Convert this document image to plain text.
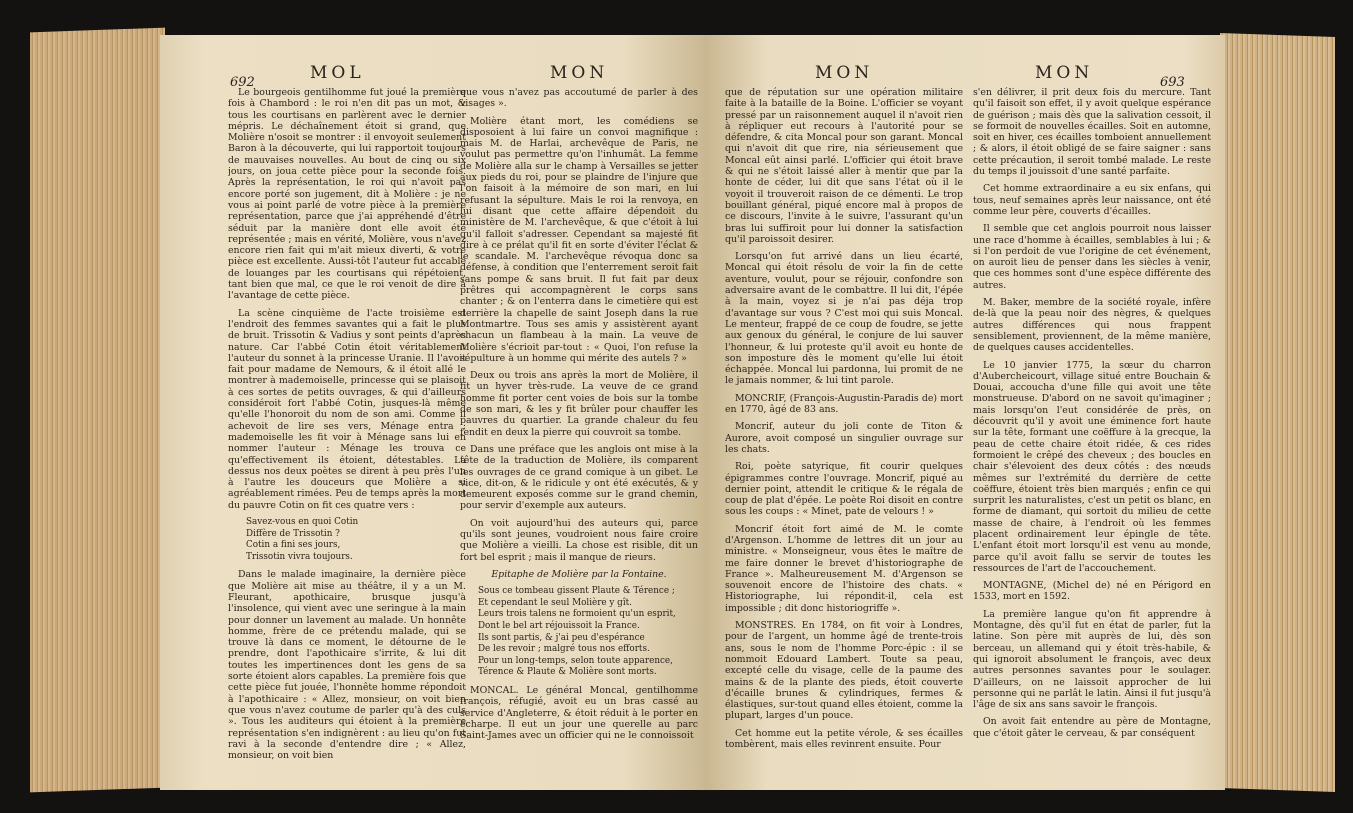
692	MOL	MON

Le bourgeois gentilhomme fut joué la première fois à Chambord : le roi n'en dit pas un mot, & tous les courtisans en parlèrent avec le dernier mépris. Le déchaînement étoit si grand, que Molière n'osoit se montrer : il envoyoit seulement Baron à la découverte, qui lui rapportoit toujours de mauvaises nouvelles. Au bout de cinq ou six jours, on joua cette pièce pour la seconde fois. Après la représentation, le roi qui n'avoit pas encore porté son jugement, dit à Molière : je ne vous ai point parlé de votre pièce à la première représentation, parce que j'ai appréhendé d'être séduit par la manière dont elle avoit été représentée ; mais en vérité, Molière, vous n'avez encore rien fait qui m'ait mieux diverti, & votre pièce est excellente. Aussi-tôt l'auteur fut accablé de louanges par les courtisans qui répétoient, tant bien que mal, ce que le roi venoit de dire à l'avantage de cette pièce.

La scène cinquième de l'acte troisième est l'endroit des femmes savantes qui a fait le plus de bruit. Trissotin & Vadius y sont peints d'après nature. Car l'abbé Cotin étoit véritablement l'auteur du sonnet à la princesse Uranie. Il l'avoit fait pour madame de Nemours, & il étoit allé le montrer à mademoiselle, princesse qui se plaisoit à ces sortes de petits ouvrages, & qui d'ailleurs considéroit fort l'abbé Cotin, jusques-là même qu'elle l'honoroit du nom de son ami. Comme il achevoit de lire ses vers, Ménage entra ; mademoiselle les fit voir à Ménage sans lui en nommer l'auteur : Ménage les trouva ce qu'effectivement ils étoient, détestables. Là dessus nos deux poètes se dirent à peu près l'un à l'autre les douceurs que Molière a si agréablement rimées. Peu de temps après la mort du pauvre Cotin on fit ces quatre vers :

Savez-vous en quoi Cotin
Diffère de Trissotin ?
Cotin a fini ses jours,
Trissotin vivra toujours.

Dans le malade imaginaire, la dernière pièce que Molière ait mise au théâtre, il y a un M. Fleurant, apothicaire, brusque jusqu'à l'insolence, qui vient avec une seringue à la main pour donner un lavement au malade. Un honnête homme, frère de ce prétendu malade, qui se trouve là dans ce moment, le détourne de le prendre, dont l'apothicaire s'irrite, & lui dit toutes les impertinences dont les gens de sa sorte étoient alors capables. La première fois que cette pièce fut jouée, l'honnête homme répondoit à l'apothicaire : « Allez, monsieur, on voit bien que vous n'avez coutume de parler qu'à des culs ». Tous les auditeurs qui étoient à la première représentation s'en indignèrent : au lieu qu'on fut ravi à la seconde d'entendre dire ; « Allez, monsieur, on voit bien

que vous n'avez pas accoutumé de parler à des visages ».

Molière étant mort, les comédiens se disposoient à lui faire un convoi magnifique : mais M. de Harlai, archevêque de Paris, ne voulut pas permettre qu'on l'inhumât. La femme de Molière alla sur le champ à Versailles se jetter aux pieds du roi, pour se plaindre de l'injure que l'on faisoit à la mémoire de son mari, en lui refusant la sépulture. Mais le roi la renvoya, en lui disant que cette affaire dépendoit du ministère de M. l'archevêque, & que c'étoit à lui qu'il falloit s'adresser. Cependant sa majesté fit dire à ce prélat qu'il fit en sorte d'éviter l'éclat & le scandale. M. l'archevêque révoqua donc sa défense, à condition que l'enterrement seroit fait sans pompe & sans bruit. Il fut fait par deux prêtres qui accompagnèrent le corps sans chanter ; & on l'enterra dans le cimetière qui est derrière la chapelle de saint Joseph dans la rue Montmartre. Tous ses amis y assistèrent ayant chacun un flambeau à la main. La veuve de Molière s'écrioit par-tout : « Quoi, l'on refuse la sépulture à un homme qui mérite des autels ? »

Deux ou trois ans après la mort de Molière, il fit un hyver très-rude. La veuve de ce grand homme fit porter cent voies de bois sur la tombe de son mari, & les y fit brûler pour chauffer les pauvres du quartier. La grande chaleur du feu fendit en deux la pierre qui couvroit sa tombe.

Dans une préface que les anglois ont mise à la tête de la traduction de Molière, ils comparent les ouvrages de ce grand comique à un gibet. Le vice, dit-on, & le ridicule y ont été exécutés, & y demeurent exposés comme sur le grand chemin, pour servir d'exemple aux auteurs.

On voit aujourd'hui des auteurs qui, parce qu'ils sont jeunes, voudroient nous faire croire que Molière a vieilli. La chose est risible, dit un fort bel esprit ; mais il manque de rieurs.

Epitaphe de Molière par la Fontaine.

Sous ce tombeau gissent Plaute & Térence ;
Et cependant le seul Molière y gît.
Leurs trois talens ne formoient qu'un esprit,
Dont le bel art réjouissoit la France.
Ils sont partis, & j'ai peu d'espérance
De les revoir ; malgré tous nos efforts.
Pour un long-temps, selon toute apparence,
Térence & Plaute & Molière sont morts.

MONCAL. Le général Moncal, gentilhomme françois, réfugié, avoit eu un bras cassé au service d'Angleterre, & étoit réduit à le porter en écharpe. Il eut un jour une querelle au parc Saint-James avec un officier qui ne le connoissoit

MON	MON	693

que de réputation sur une opération militaire faite à la bataille de la Boine. L'officier se voyant pressé par un raisonnement auquel il n'avoit rien à répliquer eut recours à l'autorité pour se défendre, & cita Moncal pour son garant. Moncal qui n'avoit dit que rire, nia sérieusement que Moncal eût ainsi parlé. L'officier qui étoit brave & qui ne s'étoit laissé aller à mentir que par la honte de céder, lui dit que sans l'état où il le voyoit il trouveroit raison de ce démenti. Le trop bouillant général, piqué encore mal à propos de ce discours, l'invite à le suivre, l'assurant qu'un bras lui suffiroit pour lui donner la satisfaction qu'il paroissoit desirer.

Lorsqu'on fut arrivé dans un lieu écarté, Moncal qui étoit résolu de voir la fin de cette aventure, voulut, pour se réjouir, confondre son adversaire avant de le combattre. Il lui dit, l'épée à la main, voyez si je n'ai pas déja trop d'avantage sur vous ? C'est moi qui suis Moncal. Le menteur, frappé de ce coup de foudre, se jette aux genoux du général, le conjure de lui sauver l'honneur, & lui proteste qu'il avoit eu honte de son imposture dès le moment qu'elle lui étoit échappée. Moncal lui pardonna, lui promit de ne le jamais nommer, & lui tint parole.

MONCRIF, (François-Augustin-Paradis de) mort en 1770, âgé de 83 ans.

Moncrif, auteur du joli conte de Titon & Aurore, avoit composé un singulier ouvrage sur les chats.

Roi, poète satyrique, fit courir quelques épigrammes contre l'ouvrage. Moncrif, piqué au dernier point, attendit le critique & le régala de coup de plat d'épée. Le poète Roi disoit en contre sous les coups : « Minet, pate de velours ! »

Moncrif étoit fort aimé de M. le comte d'Argenson. L'homme de lettres dit un jour au ministre. « Monseigneur, vous êtes le maître de me faire donner le brevet d'historiographe de France ». Malheureusement M. d'Argenson se souvenoit encore de l'histoire des chats. « Historiographe, lui répondit-il, cela est impossible ; dit donc historiogriffe ».

MONSTRES. En 1784, on fit voir à Londres, pour de l'argent, un homme âgé de trente-trois ans, sous le nom de l'homme Porc-épic : il se nommoit Edouard Lambert. Toute sa peau, excepté celle du visage, celle de la paume des mains & de la plante des pieds, étoit couverte d'écaille brunes & cylindriques, fermes & élastiques, sur-tout quand elles étoient, comme la plupart, larges d'un pouce.

Cet homme eut la petite vérole, & ses écailles tombèrent, mais elles revinrent ensuite. Pour

s'en délivrer, il prit deux fois du mercure. Tant qu'il faisoit son effet, il y avoit quelque espérance de guérison ; mais dès que la salivation cessoit, il se formoit de nouvelles écailles. Soit en automne, soit en hiver, ces écailles tomboient annuellement ; & alors, il étoit obligé de se faire saigner : sans cette précaution, il seroit tombé malade. Le reste du temps il jouissoit d'une santé parfaite.

Cet homme extraordinaire a eu six enfans, qui tous, neuf semaines après leur naissance, ont été comme leur père, couverts d'écailles.

Il semble que cet anglois pourroit nous laisser une race d'homme à écailles, semblables à lui ; & si l'on perdoit de vue l'origine de cet événement, on auroit lieu de penser dans les siècles à venir, que ces hommes sont d'une espèce différente des autres.

M. Baker, membre de la société royale, infère de-là que la peau noir des nègres, & quelques autres différences qui nous frappent sensiblement, proviennent, de la même manière, de quelques causes accidentelles.

Le 10 janvier 1775, la sœur du charron d'Aubercheicourt, village situé entre Bouchain & Douai, accoucha d'une fille qui avoit une tête monstrueuse. D'abord on ne savoit qu'imaginer ; mais lorsqu'on l'eut considérée de près, on découvrit qu'il y avoit une éminence fort haute sur la tête, formant une coëffure à la grecque, la peau de cette chaire étoit ridée, & ces rides formoient le crêpé des cheveux ; des boucles en chair s'élevoient des deux côtés : des nœuds mêmes sur l'extrémité du derrière de cette coëffure, étoient très bien marqués ; enfin ce qui surprit les naturalistes, c'est un petit os blanc, en forme de diamant, qui sortoit du milieu de cette masse de chaire, à l'endroit où les femmes placent ordinairement leur épingle de tête. L'enfant étoit mort lorsqu'il est venu au monde, parce qu'il avoit fallu se servir de toutes les ressources de l'art de l'accouchement.

MONTAGNE, (Michel de) né en Périgord en 1533, mort en 1592.

La première langue qu'on fit apprendre à Montagne, dès qu'il fut en état de parler, fut la latine. Son père mit auprès de lui, dès son berceau, un allemand qui y étoit très-habile, & qui ignoroit absolument le françois, avec deux autres personnes savantes pour le soulager. D'ailleurs, on ne laissoit approcher de lui personne qui ne parlât le latin. Ainsi il fut jusqu'à l'âge de six ans sans savoir le françois.

On avoit fait entendre au père de Montagne, que c'étoit gâter le cerveau, & par conséquent
